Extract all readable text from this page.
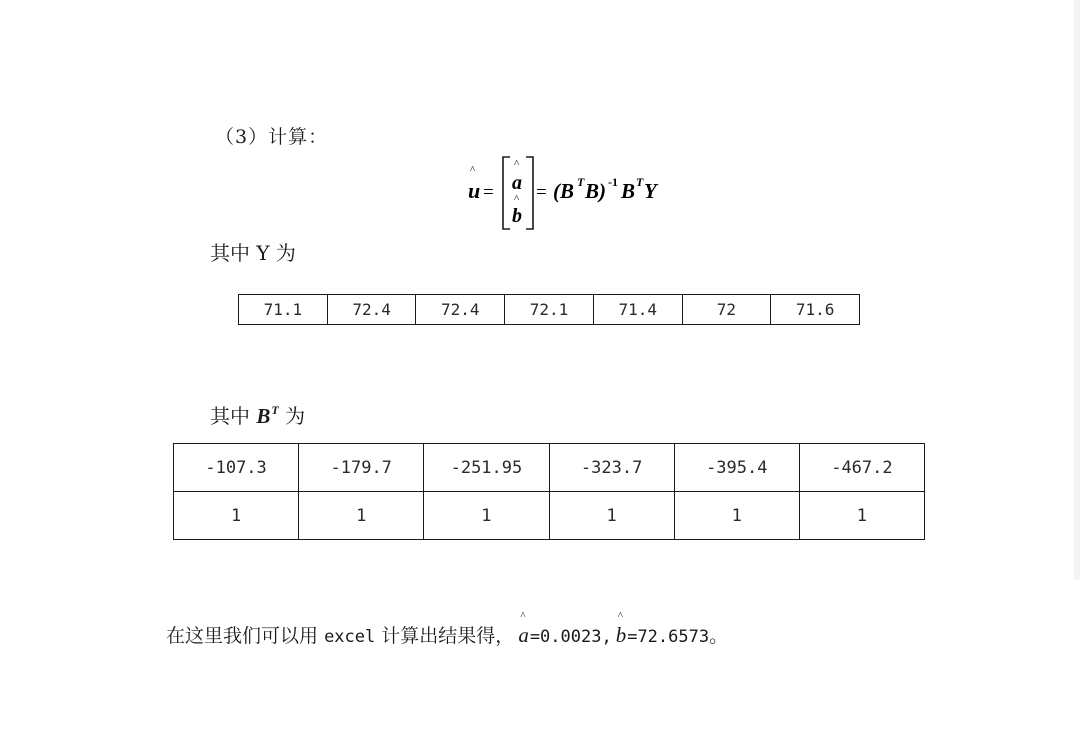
（3）计算：
^
u =
^
a
^
b
= (B T B) -1 B T Y
其中 Y 为
71.1	72.4	72.4	72.1	71.4	72	71.6
其中 $B^T$ 为
-107.3	-179.7	-251.95	-323.7	-395.4	-467.2
1	1	1	1	1	1
在这里我们可以用 excel 计算出结果得，
^
a=0.0023,
^
b=72.6573。
